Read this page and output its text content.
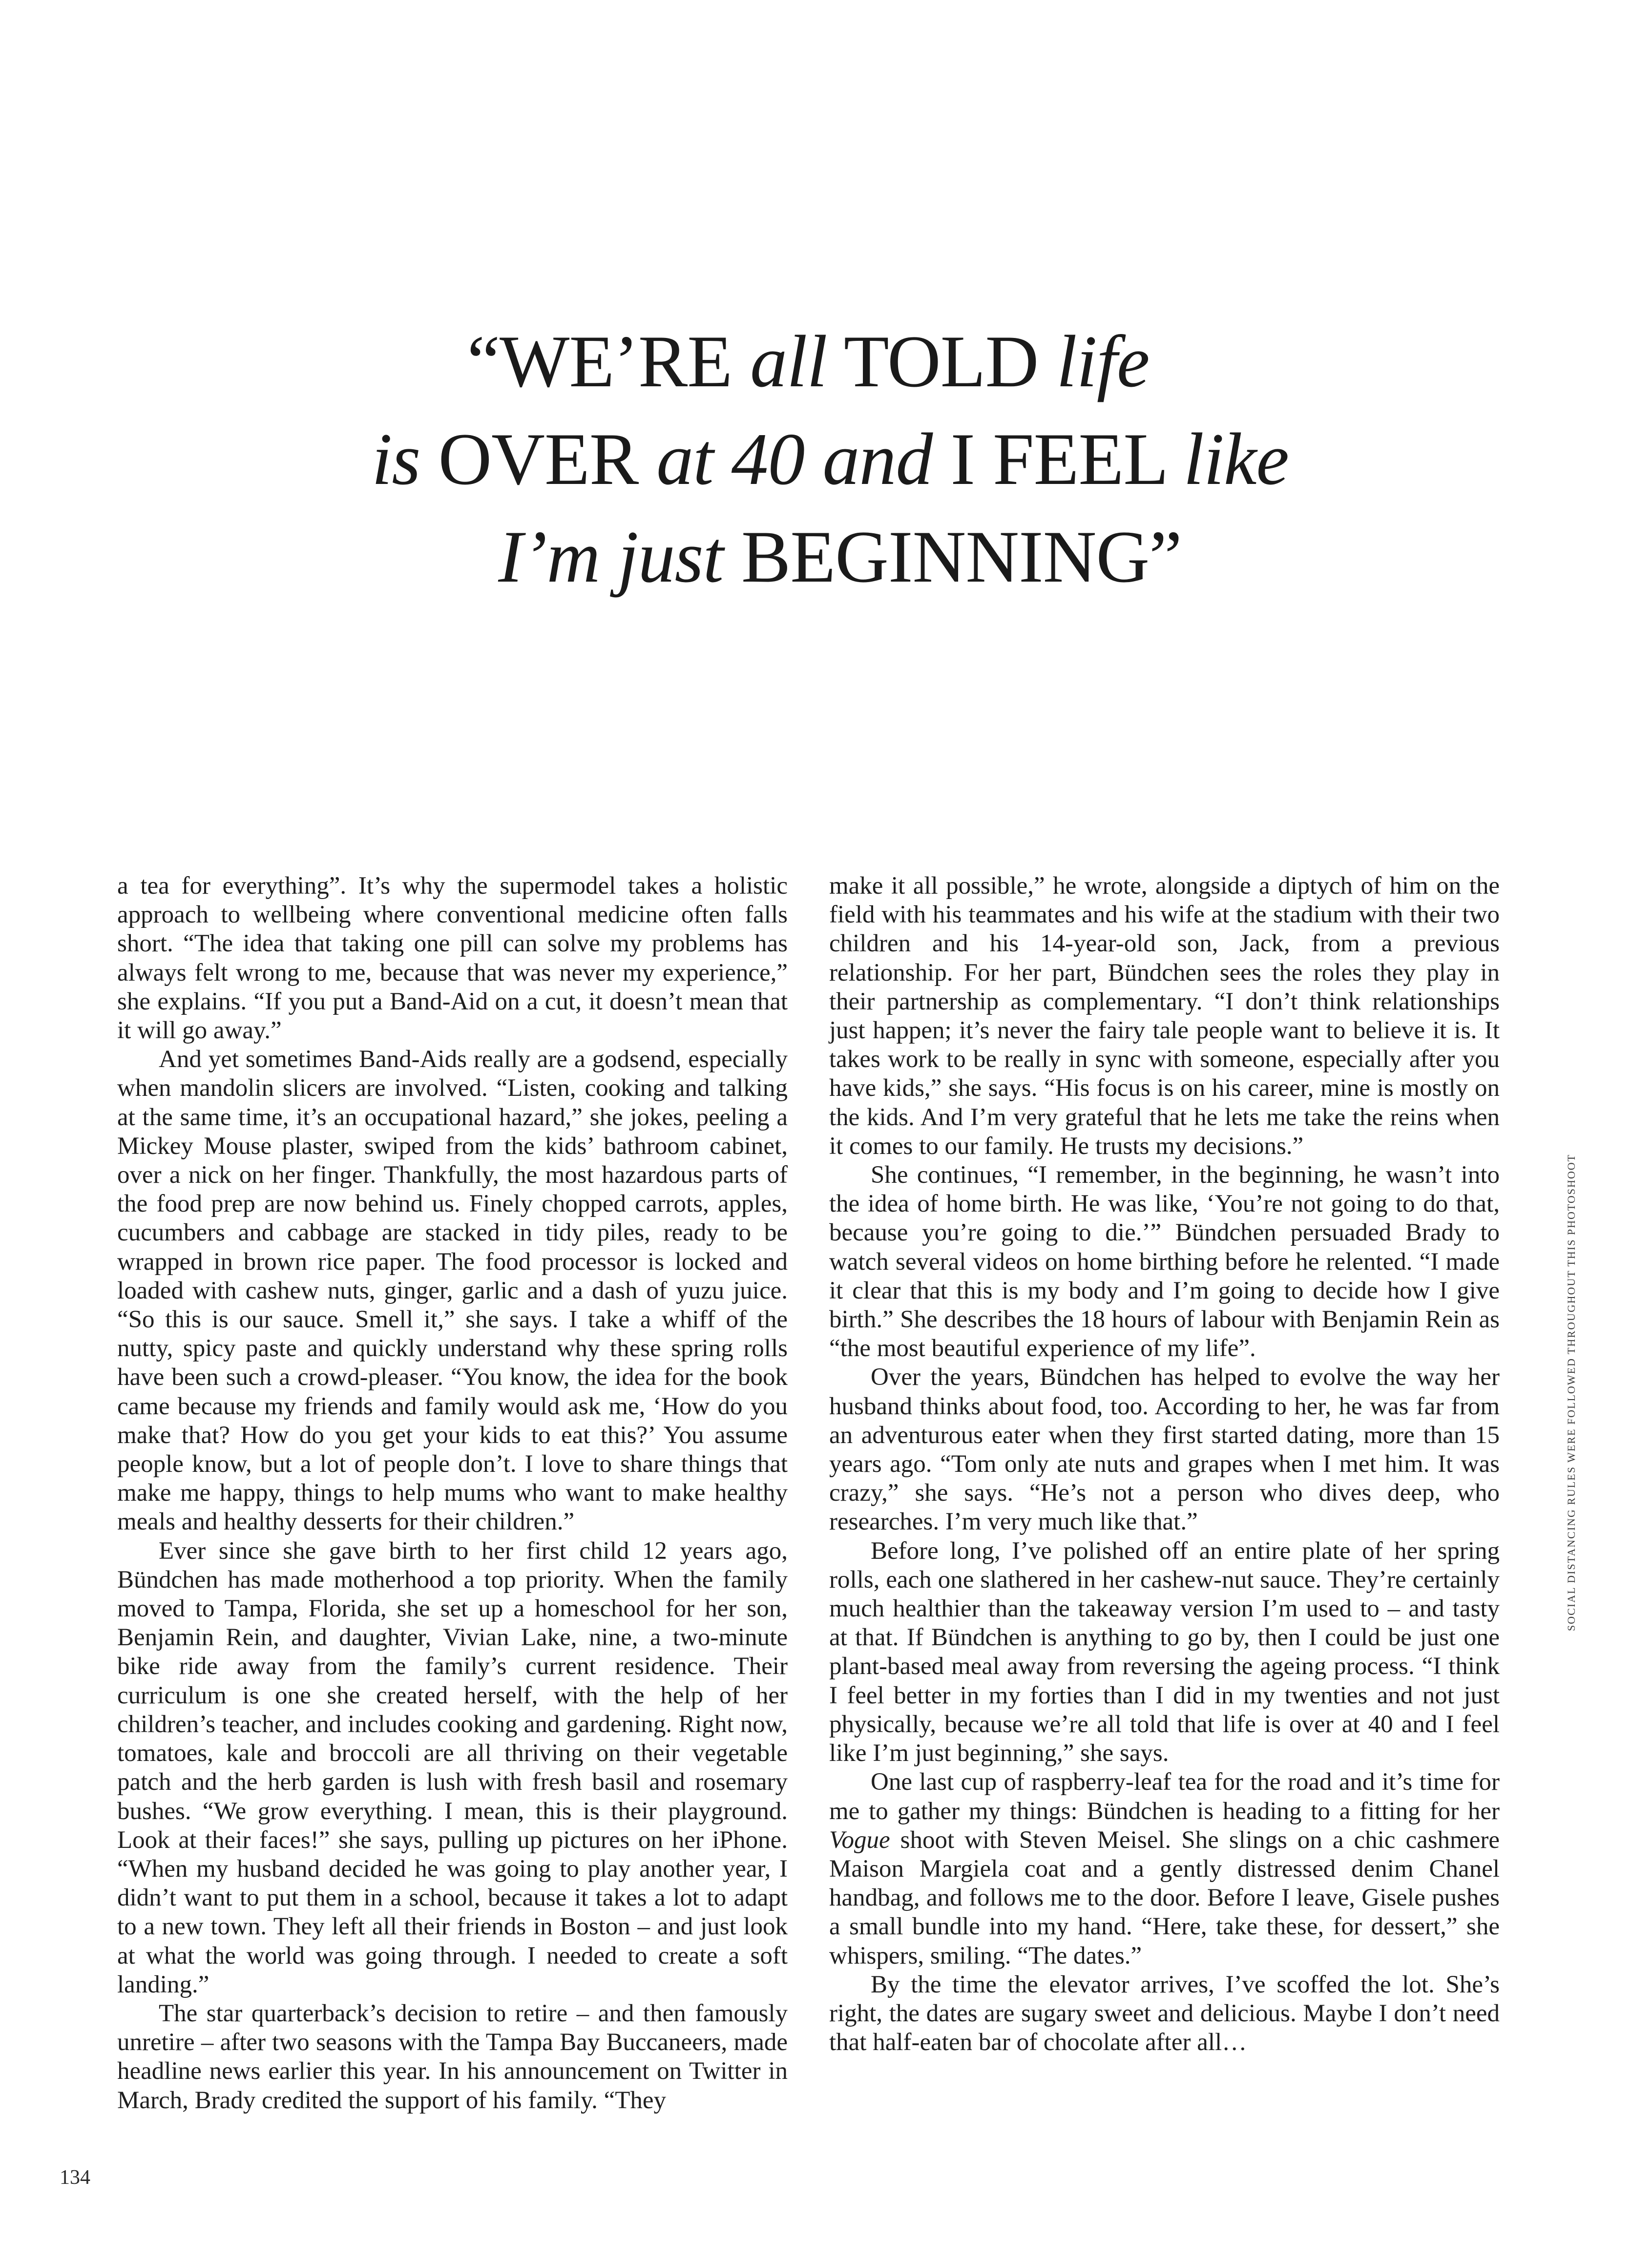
“WE’RE all TOLD life
is OVER at 40 and I FEEL like
I’m just BEGINNING”

a tea for everything”. It’s why the supermodel takes a holistic approach to wellbeing where conventional medicine often falls short. “The idea that taking one pill can solve my problems has always felt wrong to me, because that was never my experience,” she explains. “If you put a Band-Aid on a cut, it doesn’t mean that it will go away.”

And yet sometimes Band-Aids really are a godsend, especially when mandolin slicers are involved. “Listen, cooking and talking at the same time, it’s an occupational hazard,” she jokes, peeling a Mickey Mouse plaster, swiped from the kids’ bathroom cabinet, over a nick on her finger. Thankfully, the most hazardous parts of the food prep are now behind us. Finely chopped carrots, apples, cucumbers and cabbage are stacked in tidy piles, ready to be wrapped in brown rice paper. The food processor is locked and loaded with cashew nuts, ginger, garlic and a dash of yuzu juice. “So this is our sauce. Smell it,” she says. I take a whiff of the nutty, spicy paste and quickly understand why these spring rolls have been such a crowd-pleaser. “You know, the idea for the book came because my friends and family would ask me, ‘How do you make that? How do you get your kids to eat this?’ You assume people know, but a lot of people don’t. I love to share things that make me happy, things to help mums who want to make healthy meals and healthy desserts for their children.”

Ever since she gave birth to her first child 12 years ago, Bündchen has made motherhood a top priority. When the family moved to Tampa, Florida, she set up a homeschool for her son, Benjamin Rein, and daughter, Vivian Lake, nine, a two-minute bike ride away from the family’s current residence. Their curriculum is one she created herself, with the help of her children’s teacher, and includes cooking and gardening. Right now, tomatoes, kale and broccoli are all thriving on their vegetable patch and the herb garden is lush with fresh basil and rosemary bushes. “We grow everything. I mean, this is their playground. Look at their faces!” she says, pulling up pictures on her iPhone. “When my husband decided he was going to play another year, I didn’t want to put them in a school, because it takes a lot to adapt to a new town. They left all their friends in Boston – and just look at what the world was going through. I needed to create a soft landing.”

The star quarterback’s decision to retire – and then famously unretire – after two seasons with the Tampa Bay Buccaneers, made headline news earlier this year. In his announcement on Twitter in March, Brady credited the support of his family. “They

make it all possible,” he wrote, alongside a diptych of him on the field with his teammates and his wife at the stadium with their two children and his 14-year-old son, Jack, from a previous relationship. For her part, Bündchen sees the roles they play in their partnership as complementary. “I don’t think relationships just happen; it’s never the fairy tale people want to believe it is. It takes work to be really in sync with someone, especially after you have kids,” she says. “His focus is on his career, mine is mostly on the kids. And I’m very grateful that he lets me take the reins when it comes to our family. He trusts my decisions.”

She continues, “I remember, in the beginning, he wasn’t into the idea of home birth. He was like, ‘You’re not going to do that, because you’re going to die.’” Bündchen persuaded Brady to watch several videos on home birthing before he relented. “I made it clear that this is my body and I’m going to decide how I give birth.” She describes the 18 hours of labour with Benjamin Rein as “the most beautiful experience of my life”.

Over the years, Bündchen has helped to evolve the way her husband thinks about food, too. According to her, he was far from an adventurous eater when they first started dating, more than 15 years ago. “Tom only ate nuts and grapes when I met him. It was crazy,” she says. “He’s not a person who dives deep, who researches. I’m very much like that.”

Before long, I’ve polished off an entire plate of her spring rolls, each one slathered in her cashew-nut sauce. They’re certainly much healthier than the takeaway version I’m used to – and tasty at that. If Bündchen is anything to go by, then I could be just one plant-based meal away from reversing the ageing process. “I think I feel better in my forties than I did in my twenties and not just physically, because we’re all told that life is over at 40 and I feel like I’m just beginning,” she says.

One last cup of raspberry-leaf tea for the road and it’s time for me to gather my things: Bündchen is heading to a fitting for her Vogue shoot with Steven Meisel. She slings on a chic cashmere Maison Margiela coat and a gently distressed denim Chanel handbag, and follows me to the door. Before I leave, Gisele pushes a small bundle into my hand. “Here, take these, for dessert,” she whispers, smiling. “The dates.”

By the time the elevator arrives, I’ve scoffed the lot. She’s right, the dates are sugary sweet and delicious. Maybe I don’t need that half-eaten bar of chocolate after all…

134
SOCIAL DISTANCING RULES WERE FOLLOWED THROUGHOUT THIS PHOTOSHOOT
